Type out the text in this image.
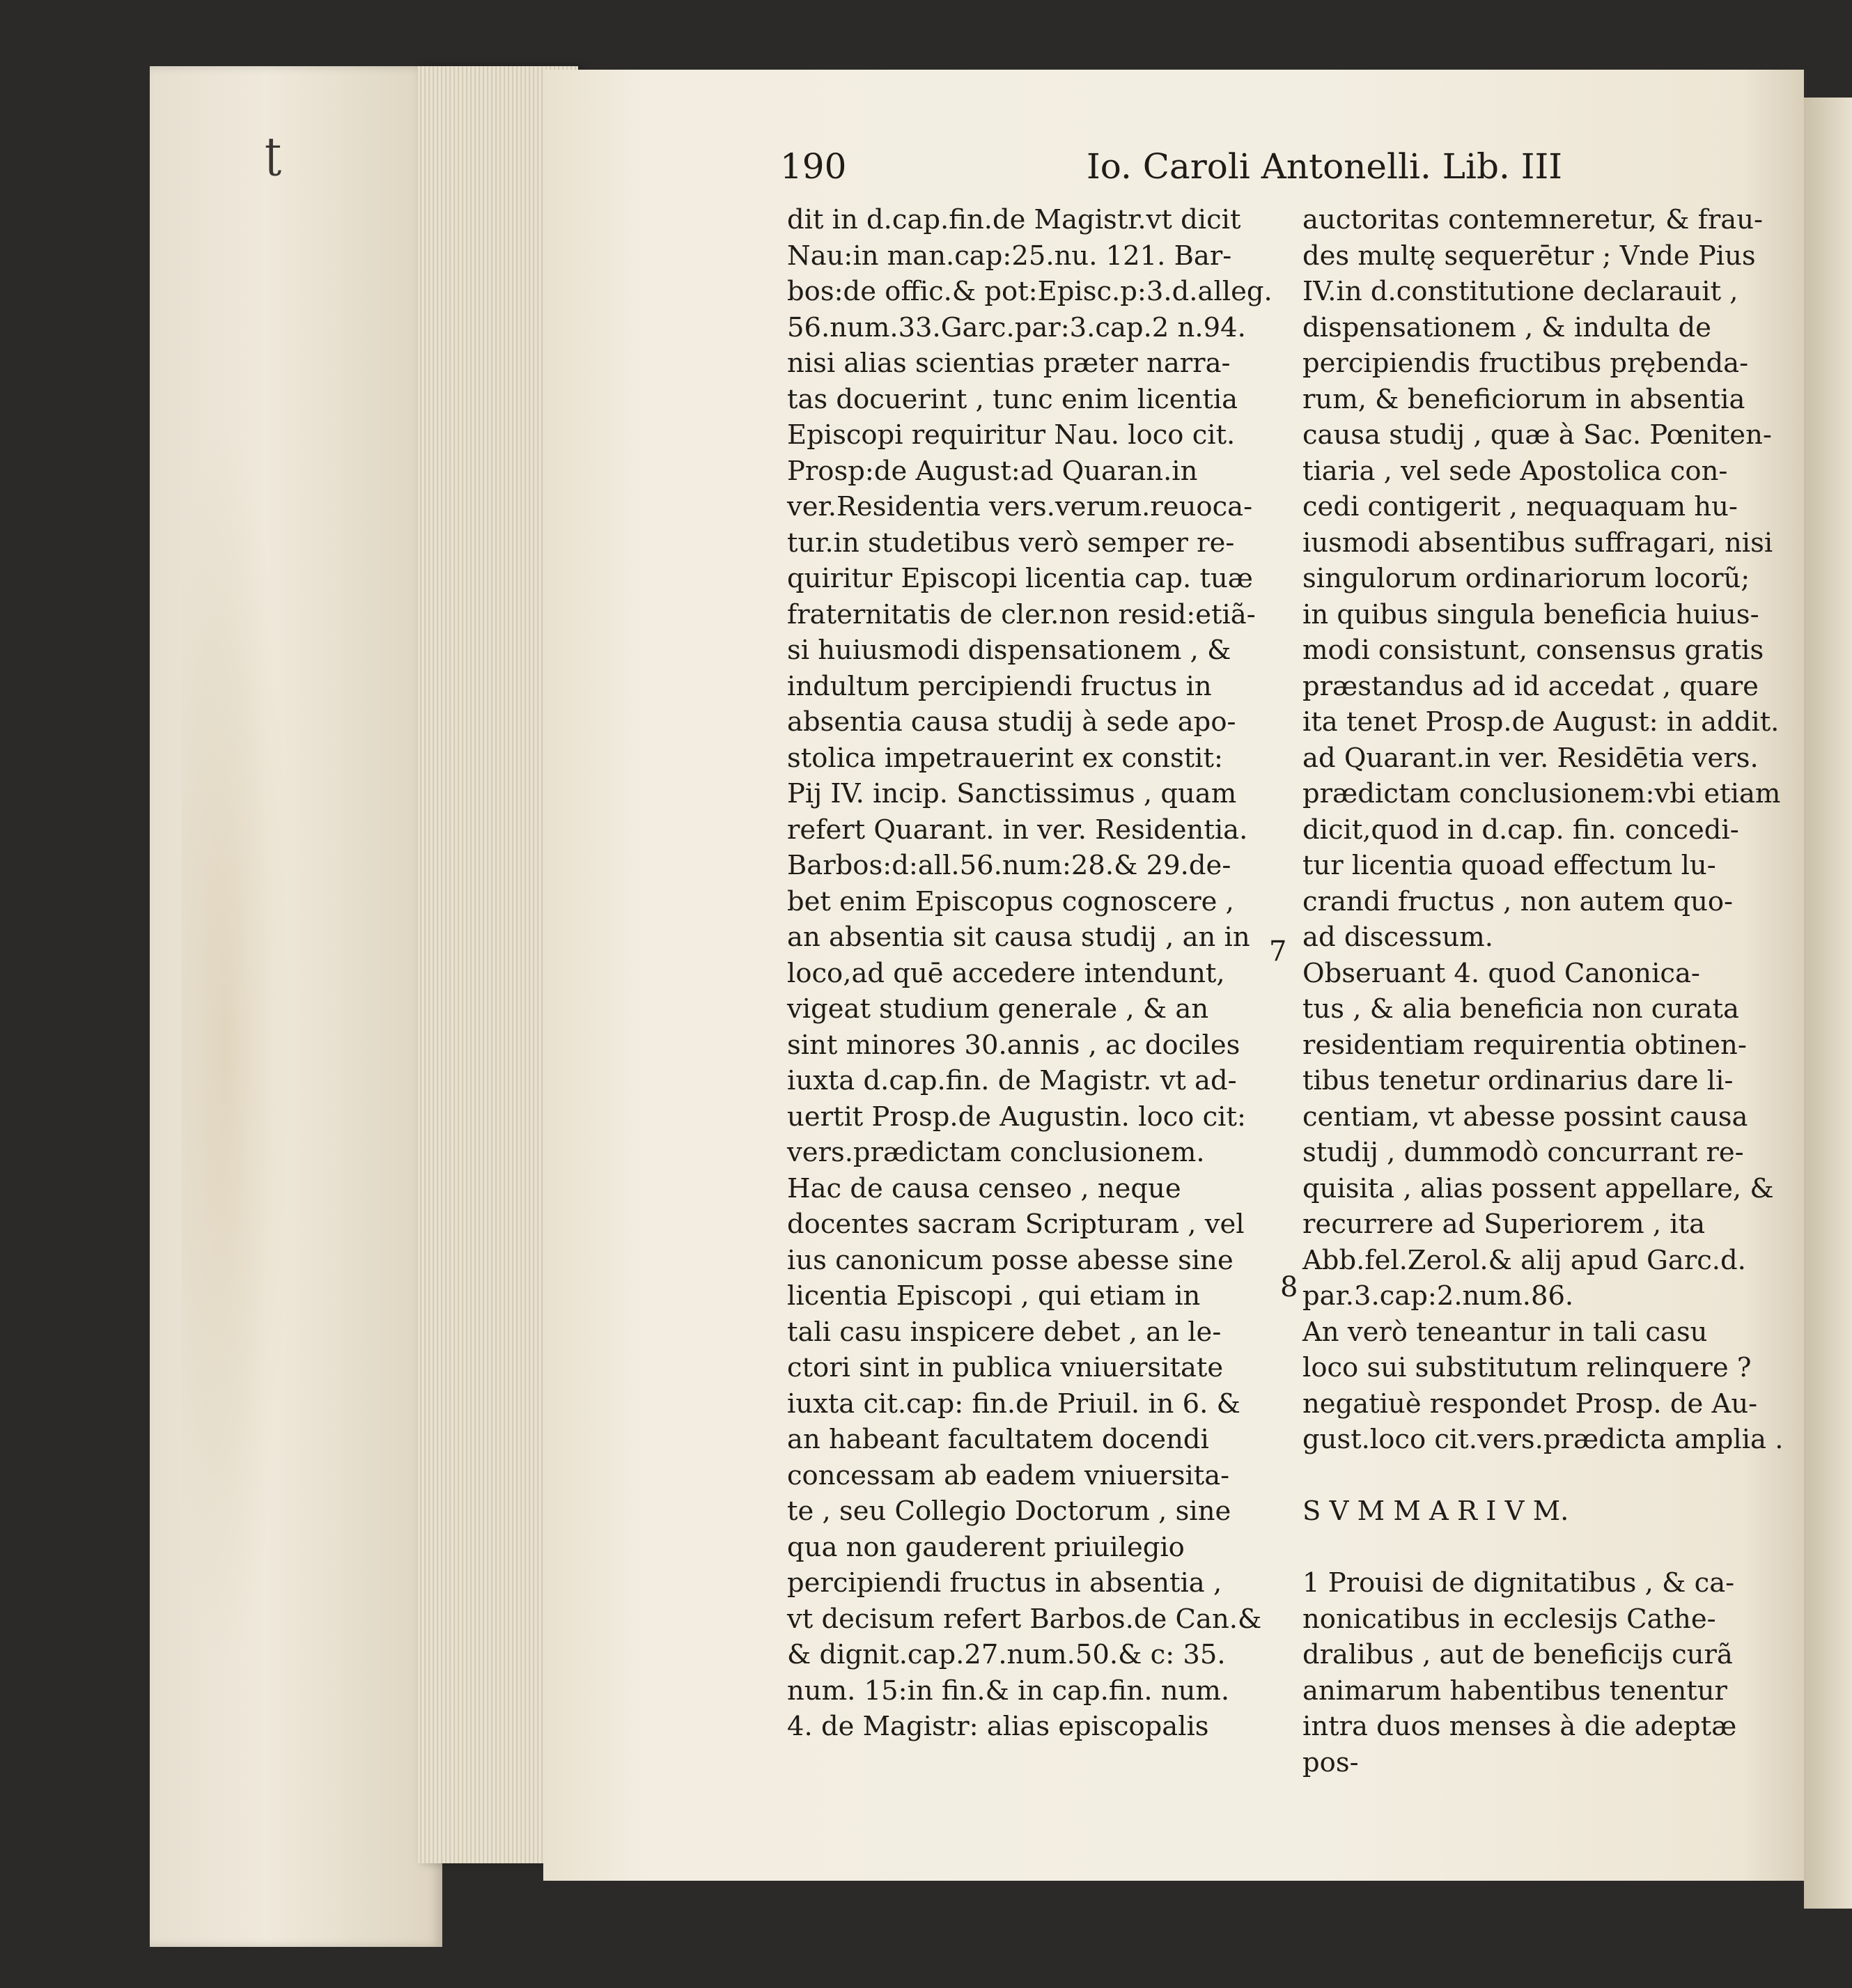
ʈ	190	Io. Caroli Antonelli. Lib. III
dit in d.cap.fin.de Magistr.vt dicit
Nau:in man.cap:25.nu. 121. Bar-
bos:de offic.& pot:Episc.p:3.d.alleg.
56.num.33.Garc.par:3.cap.2 n.94.
nisi alias scientias præter narra-
tas docuerint , tunc enim licentia
Episcopi requiritur Nau. loco cit.
Prosp:de August:ad Quaran.in
ver.Residentia vers.verum.reuoca-
tur.in studetibus verò semper re-
quiritur Episcopi licentia cap. tuæ
fraternitatis de cler.non resid:etiã-
si huiusmodi dispensationem , &
indultum percipiendi fructus in
absentia causa studij à sede apo-
stolica impetrauerint ex constit:
Pij IV. incip. Sanctissimus , quam
refert Quarant. in ver. Residentia.
Barbos:d:all.56.num:28.& 29.de-
bet enim Episcopus cognoscere ,
an absentia sit causa studij , an in
loco,ad quē accedere intendunt,
vigeat studium generale , & an
sint minores 30.annis , ac dociles
iuxta d.cap.fin. de Magistr. vt ad-
uertit Prosp.de Augustin. loco cit:
vers.prædictam conclusionem.
Hac de causa censeo , neque
docentes sacram Scripturam , vel
ius canonicum posse abesse sine
licentia Episcopi , qui etiam in
tali casu inspicere debet , an le-
ctori sint in publica vniuersitate
iuxta cit.cap: fin.de Priuil. in 6. &
an habeant facultatem docendi
concessam ab eadem vniuersita-
te , seu Collegio Doctorum , sine
qua non gauderent priuilegio
percipiendi fructus in absentia ,
vt decisum refert Barbos.de Can.&
& dignit.cap.27.num.50.& c: 35.
num. 15:in fin.& in cap.fin. num.
4. de Magistr: alias episcopalis
auctoritas contemneretur, & frau-
des multę sequerētur ; Vnde Pius
IV.in d.constitutione declarauit ,
dispensationem , & indulta de
percipiendis fructibus prębenda-
rum, & beneficiorum in absentia
causa studij , quæ à Sac. Pœniten-
tiaria , vel sede Apostolica con-
cedi contigerit , nequaquam hu-
iusmodi absentibus suffragari, nisi
singulorum ordinariorum locorũ;
in quibus singula beneficia huius-
modi consistunt, consensus gratis
præstandus ad id accedat , quare
ita tenet Prosp.de August: in addit.
ad Quarant.in ver. Residētia vers.
prædictam conclusionem:vbi etiam
dicit,quod in d.cap. fin. concedi-
tur licentia quoad effectum lu-
crandi fructus , non autem quo-
ad discessum.
Obseruant 4. quod Canonica-
tus , & alia beneficia non curata
residentiam requirentia obtinen-
tibus tenetur ordinarius dare li-
centiam, vt abesse possint causa
studij , dummodò concurrant re-
quisita , alias possent appellare, &
recurrere ad Superiorem , ita
Abb.fel.Zerol.& alij apud Garc.d.
par.3.cap:2.num.86.
An verò teneantur in tali casu
loco sui substitutum relinquere ?
negatiuè respondet Prosp. de Au-
gust.loco cit.vers.prædicta amplia .
S V M M A R I V M.
1 Prouisi de dignitatibus , & ca-
nonicatibus in ecclesijs Cathe-
dralibus , aut de beneficijs curã
animarum habentibus tenentur
intra duos menses à die adeptæ
pos-
7
8
